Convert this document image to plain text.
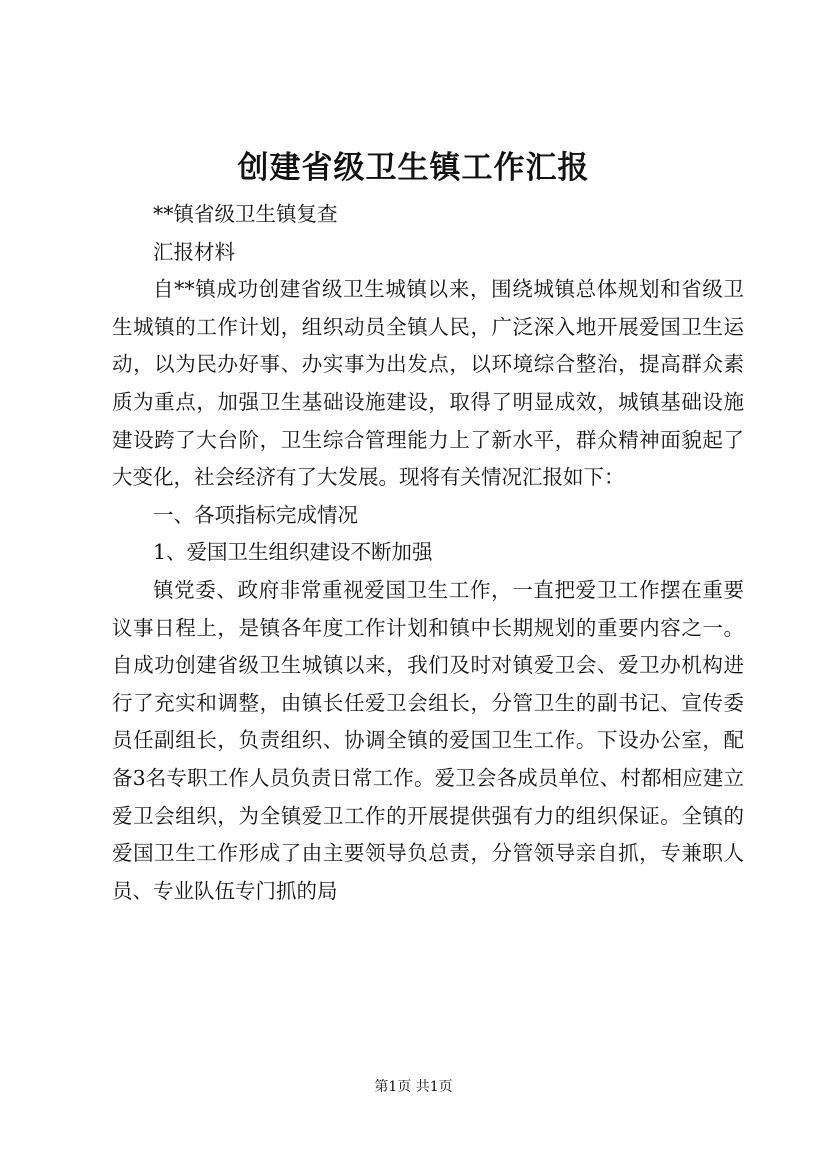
创建省级卫生镇工作汇报

**镇省级卫生镇复查

汇报材料

自**镇成功创建省级卫生城镇以来，围绕城镇总体规划和省级卫生城镇的工作计划，组织动员全镇人民，广泛深入地开展爱国卫生运动，以为民办好事、办实事为出发点，以环境综合整治，提高群众素质为重点，加强卫生基础设施建设，取得了明显成效，城镇基础设施建设跨了大台阶，卫生综合管理能力上了新水平，群众精神面貌起了大变化，社会经济有了大发展。现将有关情况汇报如下：

一、各项指标完成情况

1、爱国卫生组织建设不断加强

镇党委、政府非常重视爱国卫生工作，一直把爱卫工作摆在重要议事日程上，是镇各年度工作计划和镇中长期规划的重要内容之一。自成功创建省级卫生城镇以来，我们及时对镇爱卫会、爱卫办机构进行了充实和调整，由镇长任爱卫会组长，分管卫生的副书记、宣传委员任副组长，负责组织、协调全镇的爱国卫生工作。下设办公室，配备3名专职工作人员负责日常工作。爱卫会各成员单位、村都相应建立爱卫会组织，为全镇爱卫工作的开展提供强有力的组织保证。全镇的爱国卫生工作形成了由主要领导负总责，分管领导亲自抓，专兼职人员、专业队伍专门抓的局

第1页 共1页
